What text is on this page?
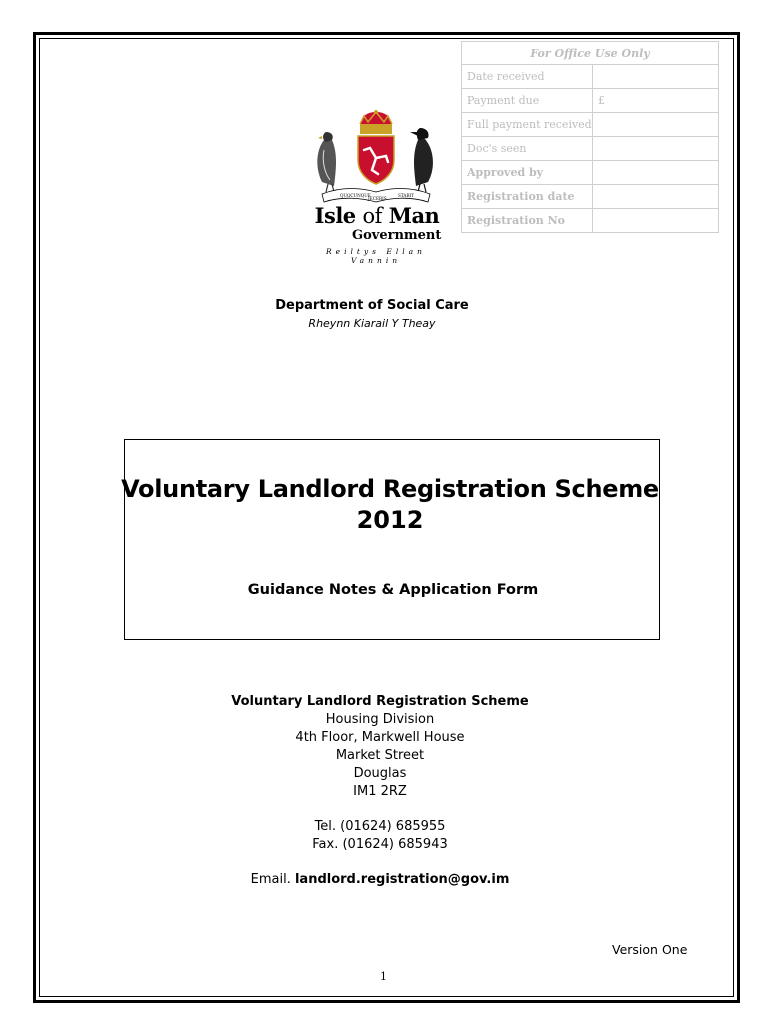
For Office Use Only	
Date received	
Payment due	£
Full payment received	
Doc's seen	
Approved by	
Registration date	
Registration No	
QUOCUNQUE
JECERIS
STABIT
Isle of Man
Government
Reiltys Ellan Vannin
Department of Social Care
Rheynn Kiarail Y Theay
Voluntary Landlord Registration Scheme
2012
Guidance Notes & Application Form
Voluntary Landlord Registration Scheme
Housing Division
4th Floor, Markwell House
Market Street
Douglas
IM1 2RZ
Tel. (01624) 685955
Fax. (01624) 685943
Email. landlord.registration@gov.im
Version One
1
